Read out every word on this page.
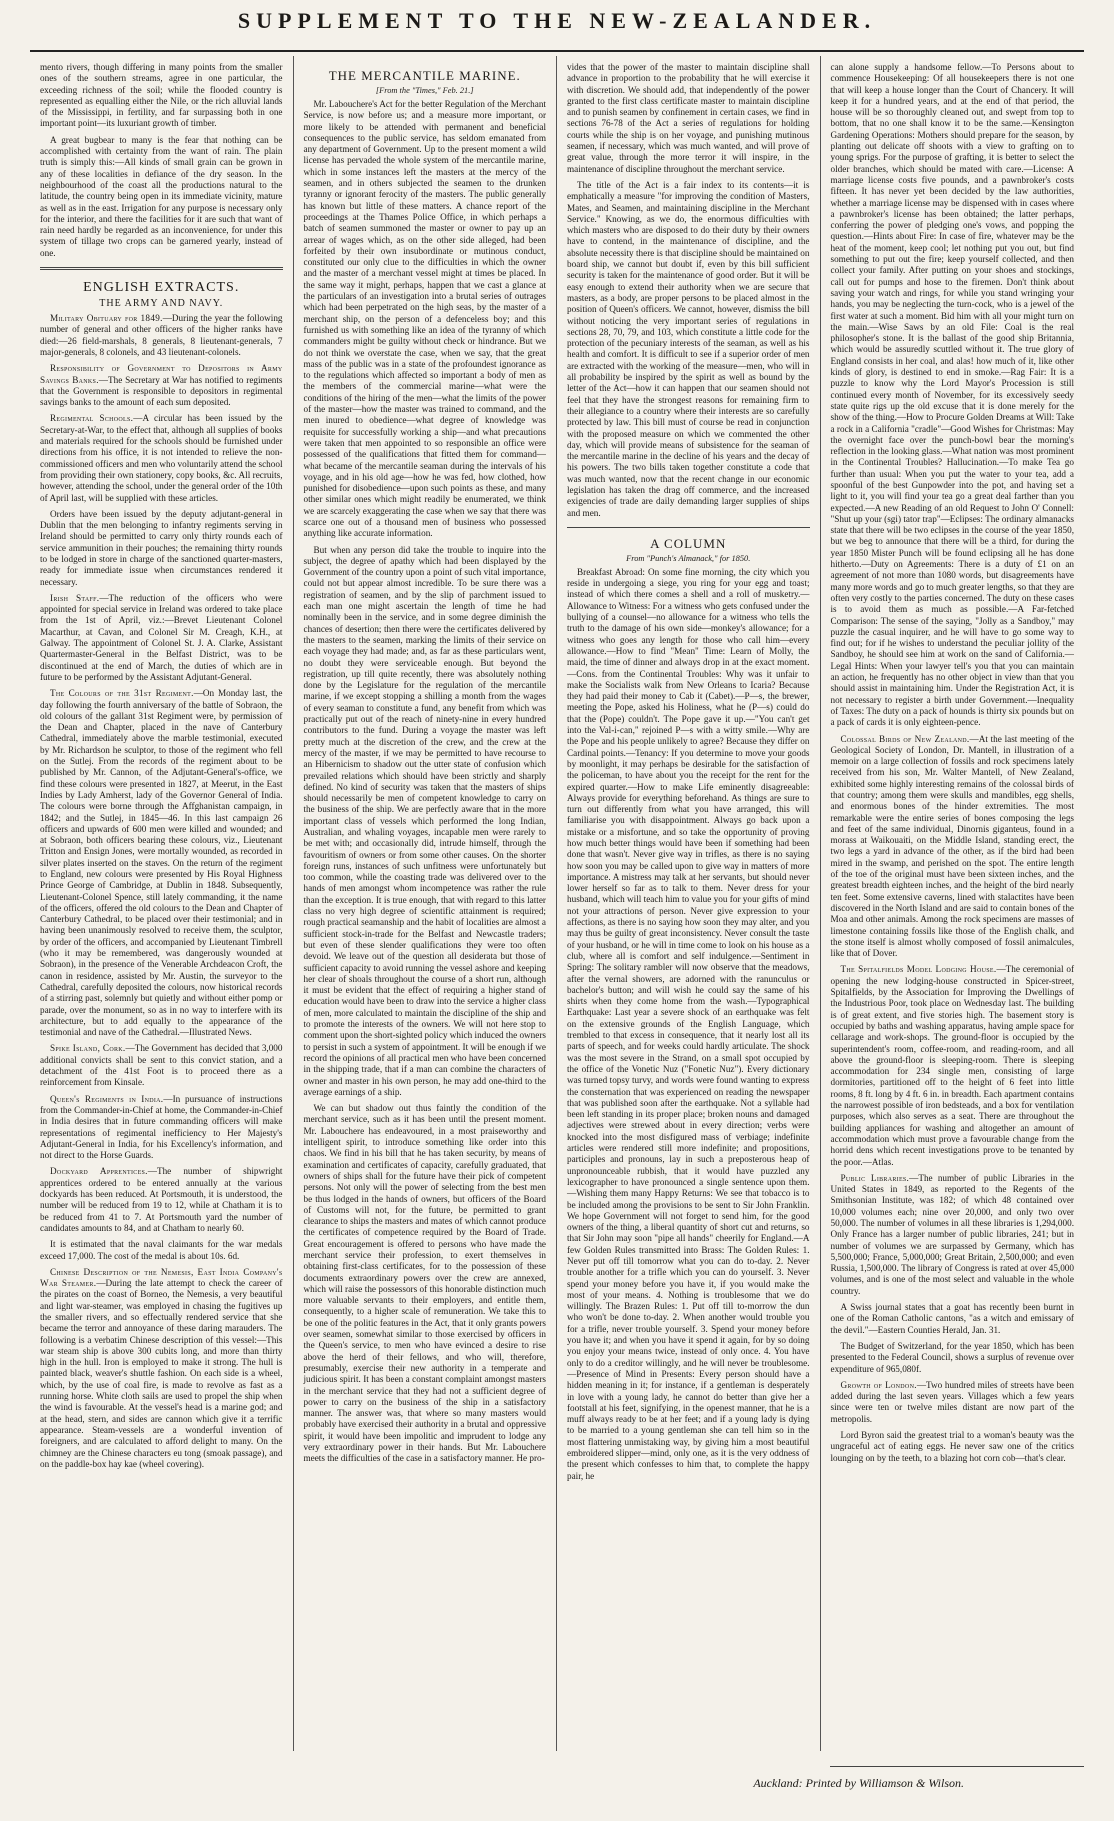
SUPPLEMENT TO THE NEW-ZEALANDER.

mento rivers, though differing in many points from the smaller ones of the southern streams, agree in one particular, the exceeding richness of the soil; while the flooded country is represented as equalling either the Nile, or the rich alluvial lands of the Mississippi, in fertility, and far surpassing both in one important point—its luxuriant growth of timber.

A great bugbear to many is the fear that nothing can be accomplished with certainty from the want of rain. The plain truth is simply this:—All kinds of small grain can be grown in any of these localities in defiance of the dry season. In the neighbourhood of the coast all the productions natural to the latitude, the country being open in its immediate vicinity, mature as well as in the east. Irrigation for any purpose is necessary only for the interior, and there the facilities for it are such that want of rain need hardly be regarded as an inconvenience, for under this system of tillage two crops can be garnered yearly, instead of one.

ENGLISH EXTRACTS.
THE ARMY AND NAVY.

Military Obituary for 1849.—During the year the following number of general and other officers of the higher ranks have died:—26 field-marshals, 8 generals, 8 lieutenant-generals, 7 major-generals, 8 colonels, and 43 lieutenant-colonels.

Responsibility of Government to Depositors in Army Savings Banks.—The Secretary at War has notified to regiments that the Government is responsible to depositors in regimental savings banks to the amount of each sum deposited.

Regimental Schools.—A circular has been issued by the Secretary-at-War, to the effect that, although all supplies of books and materials required for the schools should be furnished under directions from his office, it is not intended to relieve the non-commissioned officers and men who voluntarily attend the school from providing their own stationery, copy books, &c. All recruits, however, attending the school, under the general order of the 10th of April last, will be supplied with these articles.

Orders have been issued by the deputy adjutant-general in Dublin that the men belonging to infantry regiments serving in Ireland should be permitted to carry only thirty rounds each of service ammunition in their pouches; the remaining thirty rounds to be lodged in store in charge of the sanctioned quarter-masters, ready for immediate issue when circumstances rendered it necessary.

Irish Staff.—The reduction of the officers who were appointed for special service in Ireland was ordered to take place from the 1st of April, viz.:—Brevet Lieutenant Colonel Macarthur, at Cavan, and Colonel Sir M. Creagh, K.H., at Galway. The appointment of Colonel St. J. A. Clarke, Assistant Quartermaster-General in the Belfast District, was to be discontinued at the end of March, the duties of which are in future to be performed by the Assistant Adjutant-General.

The Colours of the 31st Regiment.—On Monday last, the day following the fourth anniversary of the battle of Sobraon, the old colours of the gallant 31st Regiment were, by permission of the Dean and Chapter, placed in the nave of Canterbury Cathedral, immediately above the marble testimonial, executed by Mr. Richardson he sculptor, to those of the regiment who fell on the Sutlej. From the records of the regiment about to be published by Mr. Cannon, of the Adjutant-General's-office, we find these colours were presented in 1827, at Meerut, in the East Indies by Lady Amherst, lady of the Governor General of India. The colours were borne through the Affghanistan campaign, in 1842; and the Sutlej, in 1845—46. In this last campaign 26 officers and upwards of 600 men were killed and wounded; and at Sobraon, both officers bearing these colours, viz., Lieutenant Tritton and Ensign Jones, were mortally wounded, as recorded in silver plates inserted on the staves. On the return of the regiment to England, new colours were presented by His Royal Highness Prince George of Cambridge, at Dublin in 1848. Subsequently, Lieutenant-Colonel Spence, still lately commanding, it the name of the officers, offered the old colours to the Dean and Chapter of Canterbury Cathedral, to be placed over their testimonial; and in having been unanimously resolved to receive them, the sculptor, by order of the officers, and accompanied by Lieutenant Timbrell (who it may be remembered, was dangerously wounded at Sobraon), in the presence of the Venerable Archdeacon Croft, the canon in residence, assisted by Mr. Austin, the surveyor to the Cathedral, carefully deposited the colours, now historical records of a stirring past, solemnly but quietly and without either pomp or parade, over the monument, so as in no way to interfere with its architecture, but to add equally to the appearance of the testimonial and nave of the Cathedral.—Illustrated News.

Spike Island, Cork.—The Government has decided that 3,000 additional convicts shall be sent to this convict station, and a detachment of the 41st Foot is to proceed there as a reinforcement from Kinsale.

Queen's Regiments in India.—In pursuance of instructions from the Commander-in-Chief at home, the Commander-in-Chief in India desires that in future commanding officers will make representations of regimental inefficiency to Her Majesty's Adjutant-General in India, for his Excellency's information, and not direct to the Horse Guards.

Dockyard Apprentices.—The number of shipwright apprentices ordered to be entered annually at the various dockyards has been reduced. At Portsmouth, it is understood, the number will be reduced from 19 to 12, while at Chatham it is to be reduced from 41 to 7. At Portsmouth yard the number of candidates amounts to 84, and at Chatham to nearly 60.

It is estimated that the naval claimants for the war medals exceed 17,000. The cost of the medal is about 10s. 6d.

Chinese Description of the Nemesis, East India Company's War Steamer.—During the late attempt to check the career of the pirates on the coast of Borneo, the Nemesis, a very beautiful and light war-steamer, was employed in chasing the fugitives up the smaller rivers, and so effectually rendered service that she became the terror and annoyance of these daring marauders. The following is a verbatim Chinese description of this vessel:—This war steam ship is above 300 cubits long, and more than thirty high in the hull. Iron is employed to make it strong. The hull is painted black, weaver's shuttle fashion. On each side is a wheel, which, by the use of coal fire, is made to revolve as fast as a running horse. White cloth sails are used to propel the ship when the wind is favourable. At the vessel's head is a marine god; and at the head, stern, and sides are cannon which give it a terrific appearance. Steam-vessels are a wonderful invention of foreigners, and are calculated to afford delight to many. On the chimney are the Chinese characters eu tong (smoak passage), and on the paddle-box hay kae (wheel covering).

THE MERCANTILE MARINE.
[From the "Times," Feb. 21.]

Mr. Labouchere's Act for the better Regulation of the Merchant Service, is now before us; and a measure more important, or more likely to be attended with permanent and beneficial consequences to the public service, has seldom emanated from any department of Government. Up to the present moment a wild license has pervaded the whole system of the mercantile marine, which in some instances left the masters at the mercy of the seamen, and in others subjected the seamen to the drunken tyranny or ignorant ferocity of the masters. The public generally has known but little of these matters. A chance report of the proceedings at the Thames Police Office, in which perhaps a batch of seamen summoned the master or owner to pay up an arrear of wages which, as on the other side alleged, had been forfeited by their own insubordinate or mutinous conduct, constituted our only clue to the difficulties in which the owner and the master of a merchant vessel might at times be placed. In the same way it might, perhaps, happen that we cast a glance at the particulars of an investigation into a brutal series of outrages which had been perpetrated on the high seas, by the master of a merchant ship, on the person of a defenceless boy; and this furnished us with something like an idea of the tyranny of which commanders might be guilty without check or hindrance. But we do not think we overstate the case, when we say, that the great mass of the public was in a state of the profoundest ignorance as to the regulations which affected so important a body of men as the members of the commercial marine—what were the conditions of the hiring of the men—what the limits of the power of the master—how the master was trained to command, and the men inured to obedience—what degree of knowledge was requisite for successfully working a ship—and what precautions were taken that men appointed to so responsible an office were possessed of the qualifications that fitted them for command—what became of the mercantile seaman during the intervals of his voyage, and in his old age—how he was fed, how clothed, how punished for disobedience—upon such points as these, and many other similar ones which might readily be enumerated, we think we are scarcely exaggerating the case when we say that there was scarce one out of a thousand men of business who possessed anything like accurate information.

But when any person did take the trouble to inquire into the subject, the degree of apathy which had been displayed by the Government of the country upon a point of such vital importance, could not but appear almost incredible. To be sure there was a registration of seamen, and by the slip of parchment issued to each man one might ascertain the length of time he had nominally been in the service, and in some degree diminish the chances of desertion; then there were the certificates delivered by the masters to the seamen, marking the limits of their service on each voyage they had made; and, as far as these particulars went, no doubt they were serviceable enough. But beyond the registration, up till quite recently, there was absolutely nothing done by the Legislature for the regulation of the mercantile marine, if we except stopping a shilling a month from the wages of every seaman to constitute a fund, any benefit from which was practically put out of the reach of ninety-nine in every hundred contributors to the fund. During a voyage the master was left pretty much at the discretion of the crew, and the crew at the mercy of the master, if we may be permitted to have recourse to an Hibernicism to shadow out the utter state of confusion which prevailed relations which should have been strictly and sharply defined. No kind of security was taken that the masters of ships should necessarily be men of competent knowledge to carry on the business of the ship. We are perfectly aware that in the more important class of vessels which performed the long Indian, Australian, and whaling voyages, incapable men were rarely to be met with; and occasionally did, intrude himself, through the favouritism of owners or from some other causes. On the shorter foreign runs, instances of such unfitness were unfortunately but too common, while the coasting trade was delivered over to the hands of men amongst whom incompetence was rather the rule than the exception. It is true enough, that with regard to this latter class no very high degree of scientific attainment is required; rough practical seamanship and the habit of localities are almost a sufficient stock-in-trade for the Belfast and Newcastle traders; but even of these slender qualifications they were too often devoid. We leave out of the question all desiderata but those of sufficient capacity to avoid running the vessel ashore and keeping her clear of shoals throughout the course of a short run, although it must be evident that the effect of requiring a higher stand of education would have been to draw into the service a higher class of men, more calculated to maintain the discipline of the ship and to promote the interests of the owners. We will not here stop to comment upon the short-sighted policy which induced the owners to persist in such a system of appointment. It will be enough if we record the opinions of all practical men who have been concerned in the shipping trade, that if a man can combine the characters of owner and master in his own person, he may add one-third to the average earnings of a ship.

We can but shadow out thus faintly the condition of the merchant service, such as it has been until the present moment. Mr. Labouchere has endeavoured, in a most praiseworthy and intelligent spirit, to introduce something like order into this chaos. We find in his bill that he has taken security, by means of examination and certificates of capacity, carefully graduated, that owners of ships shall for the future have their pick of competent persons. Not only will the power of selecting from the best men be thus lodged in the hands of owners, but officers of the Board of Customs will not, for the future, be permitted to grant clearance to ships the masters and mates of which cannot produce the certificates of competence required by the Board of Trade. Great encouragement is offered to persons who have made the merchant service their profession, to exert themselves in obtaining first-class certificates, for to the possession of these documents extraordinary powers over the crew are annexed, which will raise the possessors of this honorable distinction much more valuable servants to their employers, and entitle them, consequently, to a higher scale of remuneration. We take this to be one of the politic features in the Act, that it only grants powers over seamen, somewhat similar to those exercised by officers in the Queen's service, to men who have evinced a desire to rise above the herd of their fellows, and who will, therefore, presumably, exercise their new authority in a temperate and judicious spirit. It has been a constant complaint amongst masters in the merchant service that they had not a sufficient degree of power to carry on the business of the ship in a satisfactory manner. The answer was, that where so many masters would probably have exercised their authority in a brutal and oppressive spirit, it would have been impolitic and imprudent to lodge any very extraordinary power in their hands. But Mr. Labouchere meets the difficulties of the case in a satisfactory manner. He pro-

vides that the power of the master to maintain discipline shall advance in proportion to the probability that he will exercise it with discretion. We should add, that independently of the power granted to the first class certificate master to maintain discipline and to punish seamen by confinement in certain cases, we find in sections 76-78 of the Act a series of regulations for holding courts while the ship is on her voyage, and punishing mutinous seamen, if necessary, which was much wanted, and will prove of great value, through the more terror it will inspire, in the maintenance of discipline throughout the merchant service.

The title of the Act is a fair index to its contents—it is emphatically a measure "for improving the condition of Masters, Mates, and Seamen, and maintaining discipline in the Merchant Service." Knowing, as we do, the enormous difficulties with which masters who are disposed to do their duty by their owners have to contend, in the maintenance of discipline, and the absolute necessity there is that discipline should be maintained on board ship, we cannot but doubt if, even by this bill sufficient security is taken for the maintenance of good order. But it will be easy enough to extend their authority when we are secure that masters, as a body, are proper persons to be placed almost in the position of Queen's officers. We cannot, however, dismiss the bill without noticing the very important series of regulations in sections 28, 70, 79, and 103, which constitute a little code for the protection of the pecuniary interests of the seaman, as well as his health and comfort. It is difficult to see if a superior order of men are extracted with the working of the measure—men, who will in all probability be inspired by the spirit as well as bound by the letter of the Act—how it can happen that our seamen should not feel that they have the strongest reasons for remaining firm to their allegiance to a country where their interests are so carefully protected by law. This bill must of course be read in conjunction with the proposed measure on which we commented the other day, which will provide means of subsistence for the seaman of the mercantile marine in the decline of his years and the decay of his powers. The two bills taken together constitute a code that was much wanted, now that the recent change in our economic legislation has taken the drag off commerce, and the increased exigencies of trade are daily demanding larger supplies of ships and men.

A COLUMN
From "Punch's Almanack," for 1850.

Breakfast Abroad: On some fine morning, the city which you reside in undergoing a siege, you ring for your egg and toast; instead of which there comes a shell and a roll of musketry.—Allowance to Witness: For a witness who gets confused under the bullying of a counsel—no allowance for a witness who tells the truth to the damage of his own side—monkey's allowance; for a witness who goes any length for those who call him—every allowance.—How to find "Mean" Time: Learn of Molly, the maid, the time of dinner and always drop in at the exact moment.—Cons. from the Continental Troubles: Why was it unfair to make the Socialists walk from New Orleans to Icaria? Because they had paid their money to Cab it (Cabet).—P—s, the brewer, meeting the Pope, asked his Holiness, what he (P—s) could do that the (Pope) couldn't. The Pope gave it up.—"You can't get into the Val-i-can," rejoined P—s with a witty smile.—Why are the Pope and his people unlikely to agree? Because they differ on Cardinal points.—Tenancy: If you determine to move your goods by moonlight, it may perhaps be desirable for the satisfaction of the policeman, to have about you the receipt for the rent for the expired quarter.—How to make Life eminently disagreeable: Always provide for everything beforehand. As things are sure to turn out differently from what you have arranged, this will familiarise you with disappointment. Always go back upon a mistake or a misfortune, and so take the opportunity of proving how much better things would have been if something had been done that wasn't. Never give way in trifles, as there is no saying how soon you may be called upon to give way in matters of more importance. A mistress may talk at her servants, but should never lower herself so far as to talk to them. Never dress for your husband, which will teach him to value you for your gifts of mind not your attractions of person. Never give expression to your affections, as there is no saying how soon they may alter, and you may thus be guilty of great inconsistency. Never consult the taste of your husband, or he will in time come to look on his house as a club, where all is comfort and self indulgence.—Sentiment in Spring: The solitary rambler will now observe that the meadows, after the vernal showers, are adorned with the ranunculus or bachelor's button; and will wish he could say the same of his shirts when they come home from the wash.—Typographical Earthquake: Last year a severe shock of an earthquake was felt on the extensive grounds of the English Language, which trembled to that excess in consequence, that it nearly lost all its parts of speech, and for weeks could hardly articulate. The shock was the most severe in the Strand, on a small spot occupied by the office of the Vonetic Nuz ("Fonetic Nuz"). Every dictionary was turned topsy turvy, and words were found wanting to express the consternation that was experienced on reading the newspaper that was published soon after the earthquake. Not a syllable had been left standing in its proper place; broken nouns and damaged adjectives were strewed about in every direction; verbs were knocked into the most disfigured mass of verbiage; indefinite articles were rendered still more indefinite; and propositions, participles and pronouns, lay in such a preposterous heap of unpronounceable rubbish, that it would have puzzled any lexicographer to have pronounced a single sentence upon them.—Wishing them many Happy Returns: We see that tobacco is to be included among the provisions to be sent to Sir John Franklin. We hope Government will not forget to send him, for the good owners of the thing, a liberal quantity of short cut and returns, so that Sir John may soon "pipe all hands" cheerily for England.—A few Golden Rules transmitted into Brass: The Golden Rules: 1. Never put off till tomorrow what you can do to-day. 2. Never trouble another for a trifle which you can do yourself. 3. Never spend your money before you have it, if you would make the most of your means. 4. Nothing is troublesome that we do willingly. The Brazen Rules: 1. Put off till to-morrow the dun who won't be done to-day. 2. When another would trouble you for a trifle, never trouble yourself. 3. Spend your money before you have it; and when you have it spend it again, for by so doing you enjoy your means twice, instead of only once. 4. You have only to do a creditor willingly, and he will never be troublesome.—Presence of Mind in Presents: Every person should have a hidden meaning in it; for instance, if a gentleman is desperately in love with a young lady, he cannot do better than give her a footstall at his feet, signifying, in the openest manner, that he is a muff always ready to be at her feet; and if a young lady is dying to be married to a young gentleman she can tell him so in the most flattering unmistaking way, by giving him a most beautiful embroidered slipper—mind, only one, as it is the very oddness of the present which confesses to him that, to complete the happy pair, he

can alone supply a handsome fellow.—To Persons about to commence Housekeeping: Of all housekeepers there is not one that will keep a house longer than the Court of Chancery. It will keep it for a hundred years, and at the end of that period, the house will be so thoroughly cleaned out, and swept from top to bottom, that no one shall know it to be the same.—Kensington Gardening Operations: Mothers should prepare for the season, by planting out delicate off shoots with a view to grafting on to young sprigs. For the purpose of grafting, it is better to select the older branches, which should be mated with care.—License: A marriage license costs five pounds, and a pawnbroker's costs fifteen. It has never yet been decided by the law authorities, whether a marriage license may be dispensed with in cases where a pawnbroker's license has been obtained; the latter perhaps, conferring the power of pledging one's vows, and popping the question.—Hints about Fire: In case of fire, whatever may be the heat of the moment, keep cool; let nothing put you out, but find something to put out the fire; keep yourself collected, and then collect your family. After putting on your shoes and stockings, call out for pumps and hose to the firemen. Don't think about saving your watch and rings, for while you stand wringing your hands, you may be neglecting the turn-cock, who is a jewel of the first water at such a moment. Bid him with all your might turn on the main.—Wise Saws by an old File: Coal is the real philosopher's stone. It is the ballast of the good ship Britannia, which would be assuredly scuttled without it. The true glory of England consists in her coal, and alas! how much of it, like other kinds of glory, is destined to end in smoke.—Rag Fair: It is a puzzle to know why the Lord Mayor's Procession is still continued every month of November, for its excessively seedy state quite rigs up the old excuse that it is done merely for the show of the thing.—How to Procure Golden Dreams at Will: Take a rock in a California "cradle"—Good Wishes for Christmas: May the overnight face over the punch-bowl bear the morning's reflection in the looking glass.—What nation was most prominent in the Continental Troubles? Hallucination.—To make Tea go further than usual: When you put the water to your tea, add a spoonful of the best Gunpowder into the pot, and having set a light to it, you will find your tea go a great deal farther than you expected.—A new Reading of an old Request to John O' Connell: "Shut up your (sgi) tator trap"—Eclipses: The ordinary almanacks state that there will be two eclipses in the course of the year 1850, but we beg to announce that there will be a third, for during the year 1850 Mister Punch will be found eclipsing all he has done hitherto.—Duty on Agreements: There is a duty of £1 on an agreement of not more than 1080 words, but disagreements have many more words and go to much greater lengths, so that they are often very costly to the parties concerned. The duty on these cases is to avoid them as much as possible.—A Far-fetched Comparison: The sense of the saying, "Jolly as a Sandboy," may puzzle the casual inquirer, and he will have to go some way to find out; for if he wishes to understand the peculiar jollity of the Sandboy, he should see him at work on the sand of California.—Legal Hints: When your lawyer tell's you that you can maintain an action, he frequently has no other object in view than that you should assist in maintaining him. Under the Registration Act, it is not necessary to register a birth under Government.—Inequality of Taxes: The duty on a pack of hounds is thirty six pounds but on a pack of cards it is only eighteen-pence.

Colossal Birds of New Zealand.—At the last meeting of the Geological Society of London, Dr. Mantell, in illustration of a memoir on a large collection of fossils and rock specimens lately received from his son, Mr. Walter Mantell, of New Zealand, exhibited some highly interesting remains of the colossal birds of that country; among them were skulls and mandibles, egg shells, and enormous bones of the hinder extremities. The most remarkable were the entire series of bones composing the legs and feet of the same individual, Dinornis giganteus, found in a morass at Waikouaiti, on the Middle Island, standing erect, the two legs a yard in advance of the other, as if the bird had been mired in the swamp, and perished on the spot. The entire length of the toe of the original must have been sixteen inches, and the greatest breadth eighteen inches, and the height of the bird nearly ten feet. Some extensive caverns, lined with stalactites have been discovered in the North Island and are said to contain bones of the Moa and other animals. Among the rock specimens are masses of limestone containing fossils like those of the English chalk, and the stone itself is almost wholly composed of fossil animalcules, like that of Dover.

The Spitalfields Model Lodging House.—The ceremonial of opening the new lodging-house constructed in Spicer-street, Spitalfields, by the Association for Improving the Dwellings of the Industrious Poor, took place on Wednesday last. The building is of great extent, and five stories high. The basement story is occupied by baths and washing apparatus, having ample space for cellarage and work-shops. The ground-floor is occupied by the superintendent's room, coffee-room, and reading-room, and all above the ground-floor is sleeping-room. There is sleeping accommodation for 234 single men, consisting of large dormitories, partitioned off to the height of 6 feet into little rooms, 8 ft. long by 4 ft. 6 in. in breadth. Each apartment contains the narrowest possible of iron bedsteads, and a box for ventilation purposes, which also serves as a seat. There are throughout the building appliances for washing and altogether an amount of accommodation which must prove a favourable change from the horrid dens which recent investigations prove to be tenanted by the poor.—Atlas.

Public Libraries.—The number of public Libraries in the United States in 1849, as reported to the Regents of the Smithsonian Institute, was 182; of which 48 contained over 10,000 volumes each; nine over 20,000, and only two over 50,000. The number of volumes in all these libraries is 1,294,000. Only France has a larger number of public libraries, 241; but in number of volumes we are surpassed by Germany, which has 5,500,000; France, 5,000,000; Great Britain, 2,500,000; and even Russia, 1,500,000. The library of Congress is rated at over 45,000 volumes, and is one of the most select and valuable in the whole country.

A Swiss journal states that a goat has recently been burnt in one of the Roman Catholic cantons, "as a witch and emissary of the devil."—Eastern Counties Herald, Jan. 31.

The Budget of Switzerland, for the year 1850, which has been presented to the Federal Council, shows a surplus of revenue over expenditure of 965,080f.

Growth of London.—Two hundred miles of streets have been added during the last seven years. Villages which a few years since were ten or twelve miles distant are now part of the metropolis.

Lord Byron said the greatest trial to a woman's beauty was the ungraceful act of eating eggs. He never saw one of the critics lounging on by the teeth, to a blazing hot corn cob—that's clear.

Auckland: Printed by Williamson & Wilson.
